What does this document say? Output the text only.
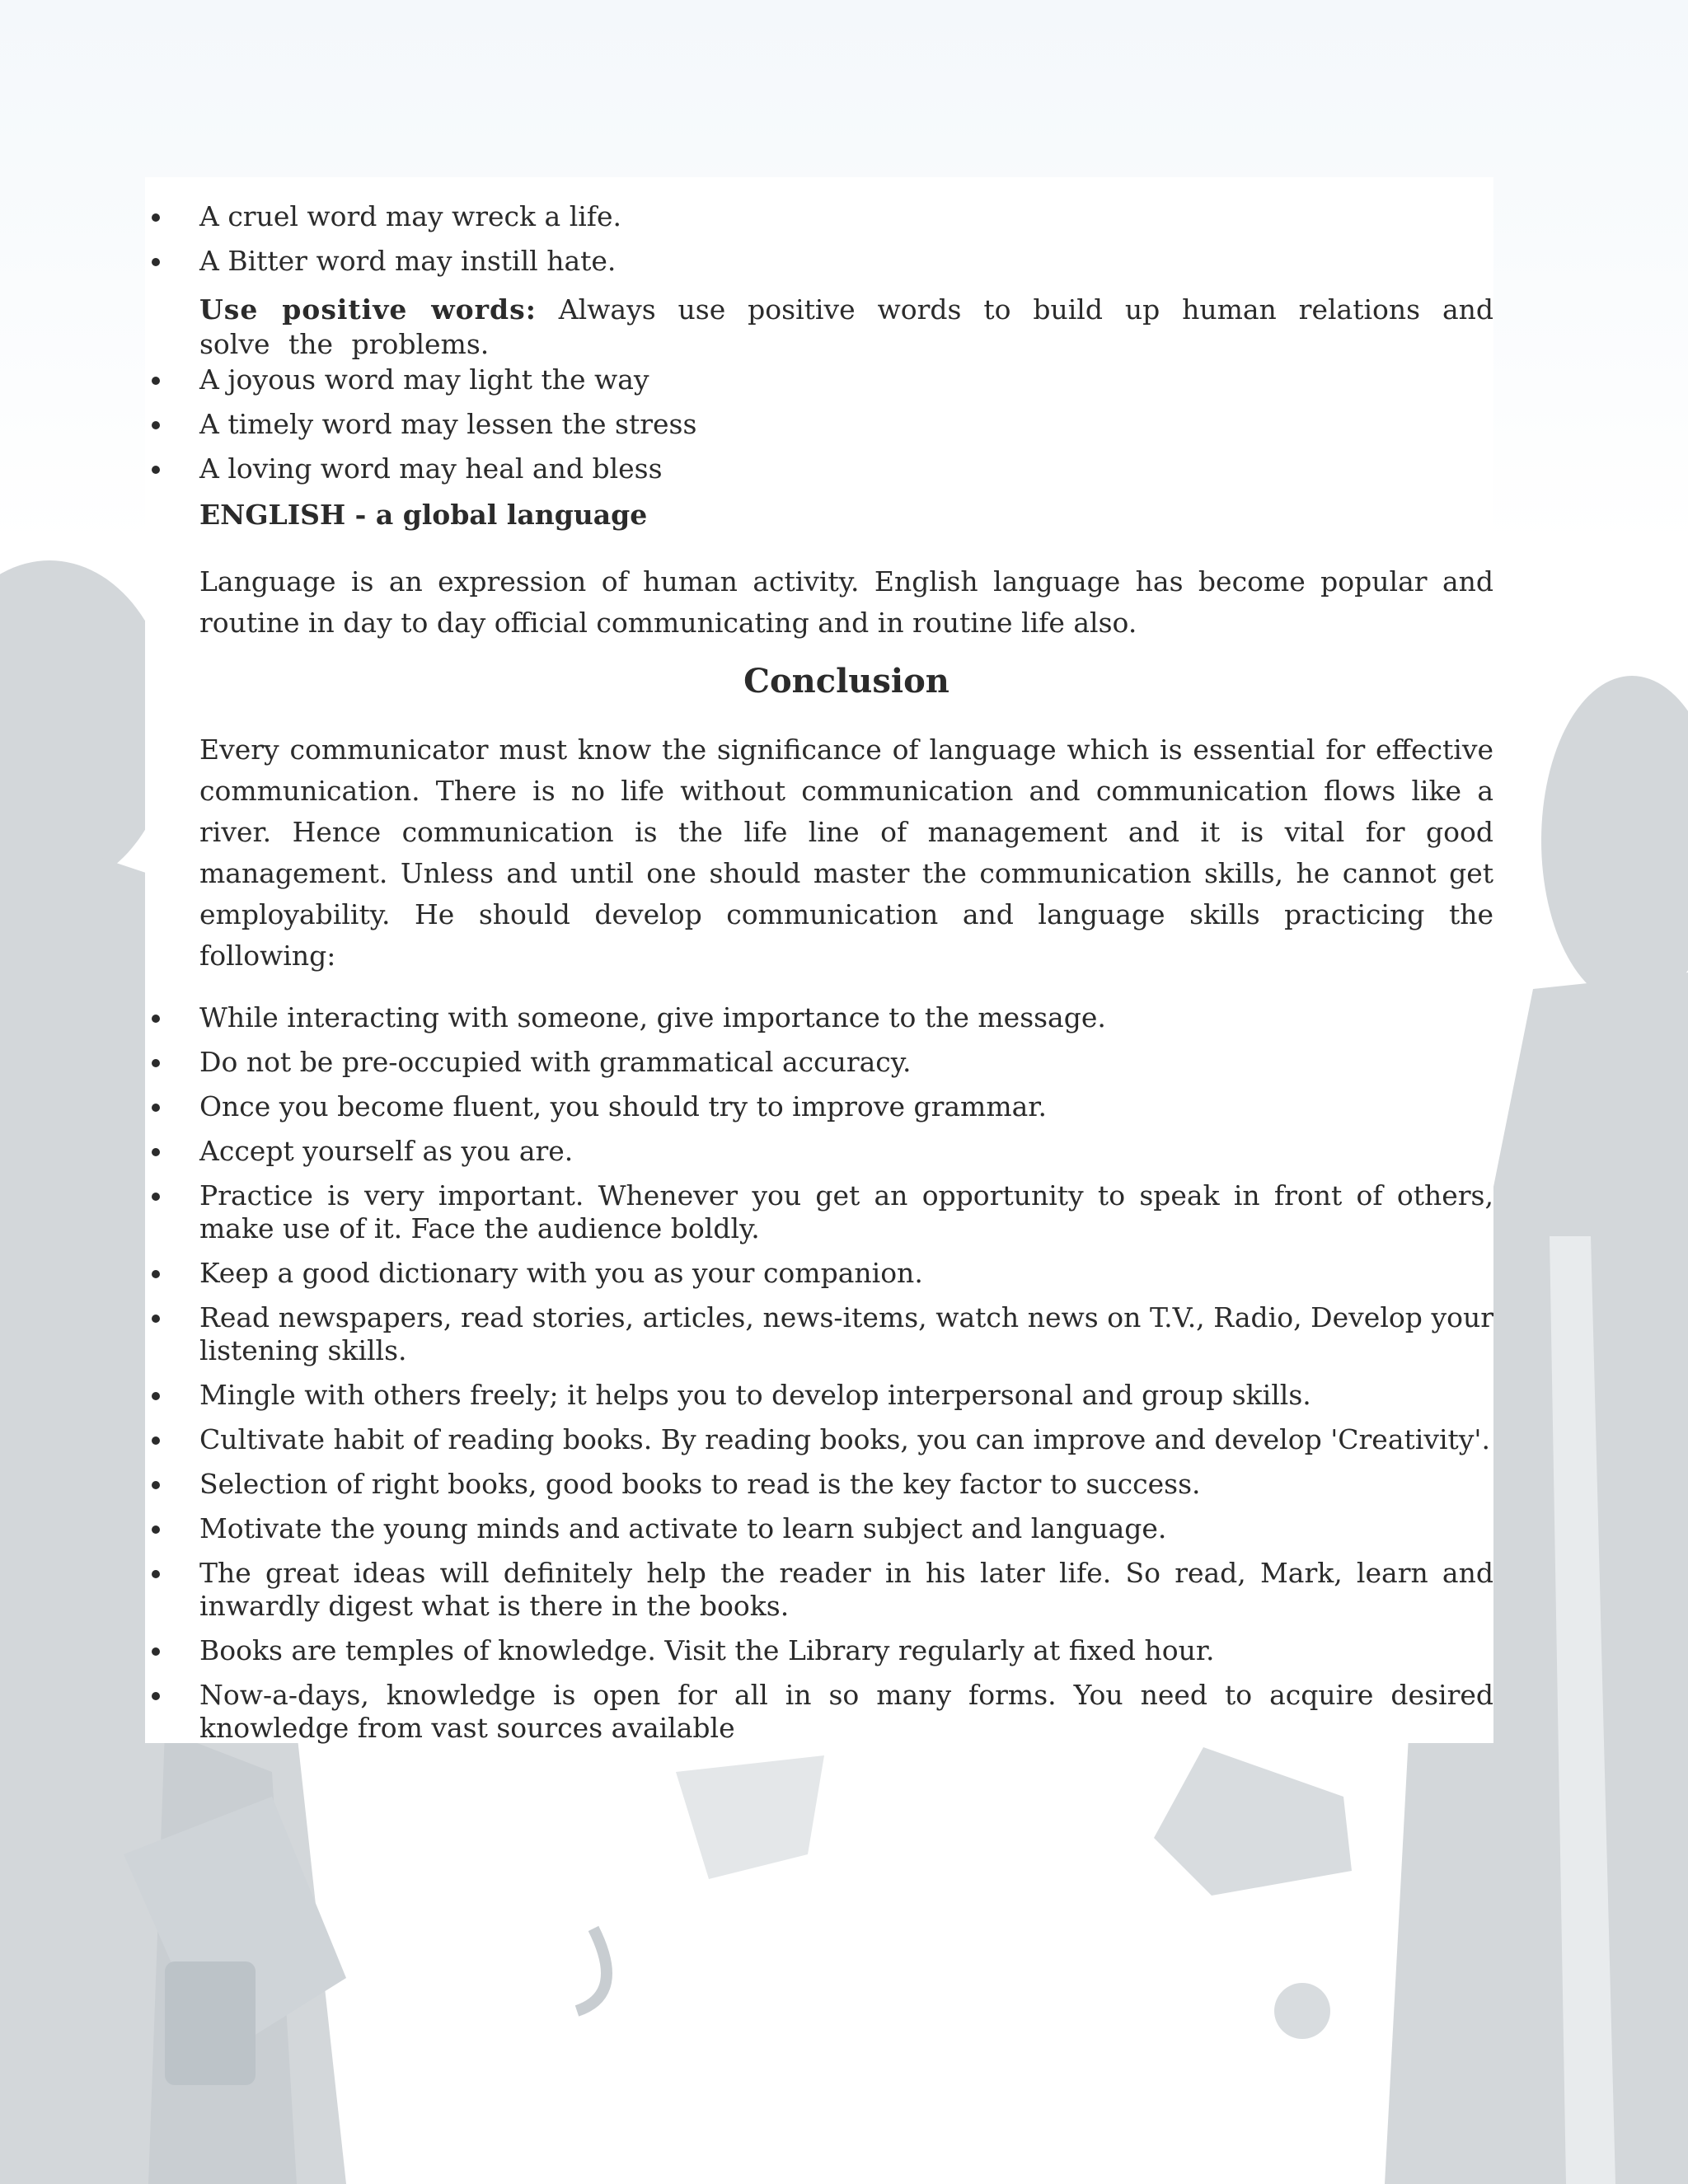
A cruel word may wreck a life.
A Bitter word may instill hate.

Use positive words: Always use positive words to build up human relations and solve the problems.

A joyous word may light the way
A timely word may lessen the stress
A loving word may heal and bless
ENGLISH - a global language

Language is an expression of human activity. English language has become popular and routine in day to day official communicating and in routine life also.

Conclusion

Every communicator must know the significance of language which is essential for effective communication. There is no life without communication and communication flows like a river. Hence communication is the life line of management and it is vital for good management. Unless and until one should master the communication skills, he cannot get employability. He should develop communication and language skills practicing the following:

While interacting with someone, give importance to the message.
Do not be pre-occupied with grammatical accuracy.
Once you become fluent, you should try to improve grammar.
Accept yourself as you are.
Practice is very important. Whenever you get an opportunity to speak in front of others, make use of it. Face the audience boldly.
Keep a good dictionary with you as your companion.
Read newspapers, read stories, articles, news-items, watch news on T.V., Radio, Develop your listening skills.
Mingle with others freely; it helps you to develop interpersonal and group skills.
Cultivate habit of reading books. By reading books, you can improve and develop 'Creativity'.
Selection of right books, good books to read is the key factor to success.
Motivate the young minds and activate to learn subject and language.
The great ideas will definitely help the reader in his later life. So read, Mark, learn and inwardly digest what is there in the books.
Books are temples of knowledge. Visit the Library regularly at fixed hour.
Now-a-days, knowledge is open for all in so many forms. You need to acquire desired knowledge from vast sources available
